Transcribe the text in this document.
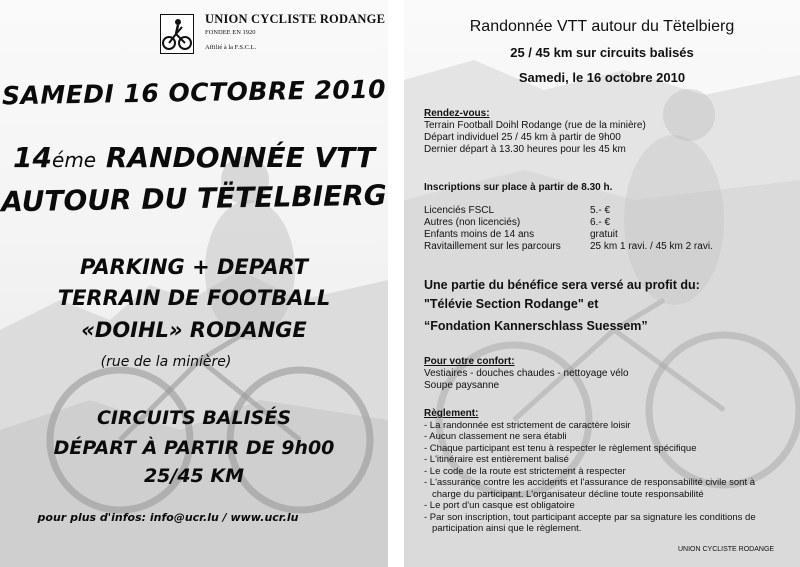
UNION CYCLISTE RODANGE
FONDEE EN 1920
Affilié à la F.S.C.L.
SAMEDI 16 OCTOBRE 2010
14éme RANDONNÉE VTT
AUTOUR DU TËTELBIERG
PARKING + DEPART
TERRAIN DE FOOTBALL
«DOIHL» RODANGE
(rue de la minière)
CIRCUITS BALISÉS
DÉPART À PARTIR DE 9h00
25/45 KM
pour plus d'infos: info@ucr.lu / www.ucr.lu
Randonnée VTT autour du Tëtelbierg
25 / 45 km sur circuits balisés
Samedi, le 16 octobre 2010
Rendez-vous:
Terrain Football Doihl Rodange (rue de la minière)
Départ individuel 25 / 45 km à partir de 9h00
Dernier départ à 13.30 heures pour les 45 km
Inscriptions sur place à partir de 8.30 h.
Licenciés FSCL	5.- €
Autres (non licenciés)	6.- €
Enfants moins de 14 ans	gratuit
Ravitaillement sur les parcours	25 km 1 ravi. / 45 km 2 ravi.
Une partie du bénéfice sera versé au profit du:
"Télévie Section Rodange" et
“Fondation Kannerschlass Suessem”
Pour votre confort:
Vestiaires - douches chaudes - nettoyage vélo
Soupe paysanne
Règlement:
- La randonnée est strictement de caractère loisir
- Aucun classement ne sera établi
- Chaque participant est tenu à respecter le règlement spécifique
- L'itinéraire est entièrement balisé
- Le code de la route est strictement à respecter
- L'assurance contre les accidents et l'assurance de responsabilité civile sont à charge du participant. L'organisateur décline toute responsabilité
- Le port d'un casque est obligatoire
- Par son inscription, tout participant accepte par sa signature les conditions de participation ainsi que le règlement.
UNION CYCLISTE RODANGE
